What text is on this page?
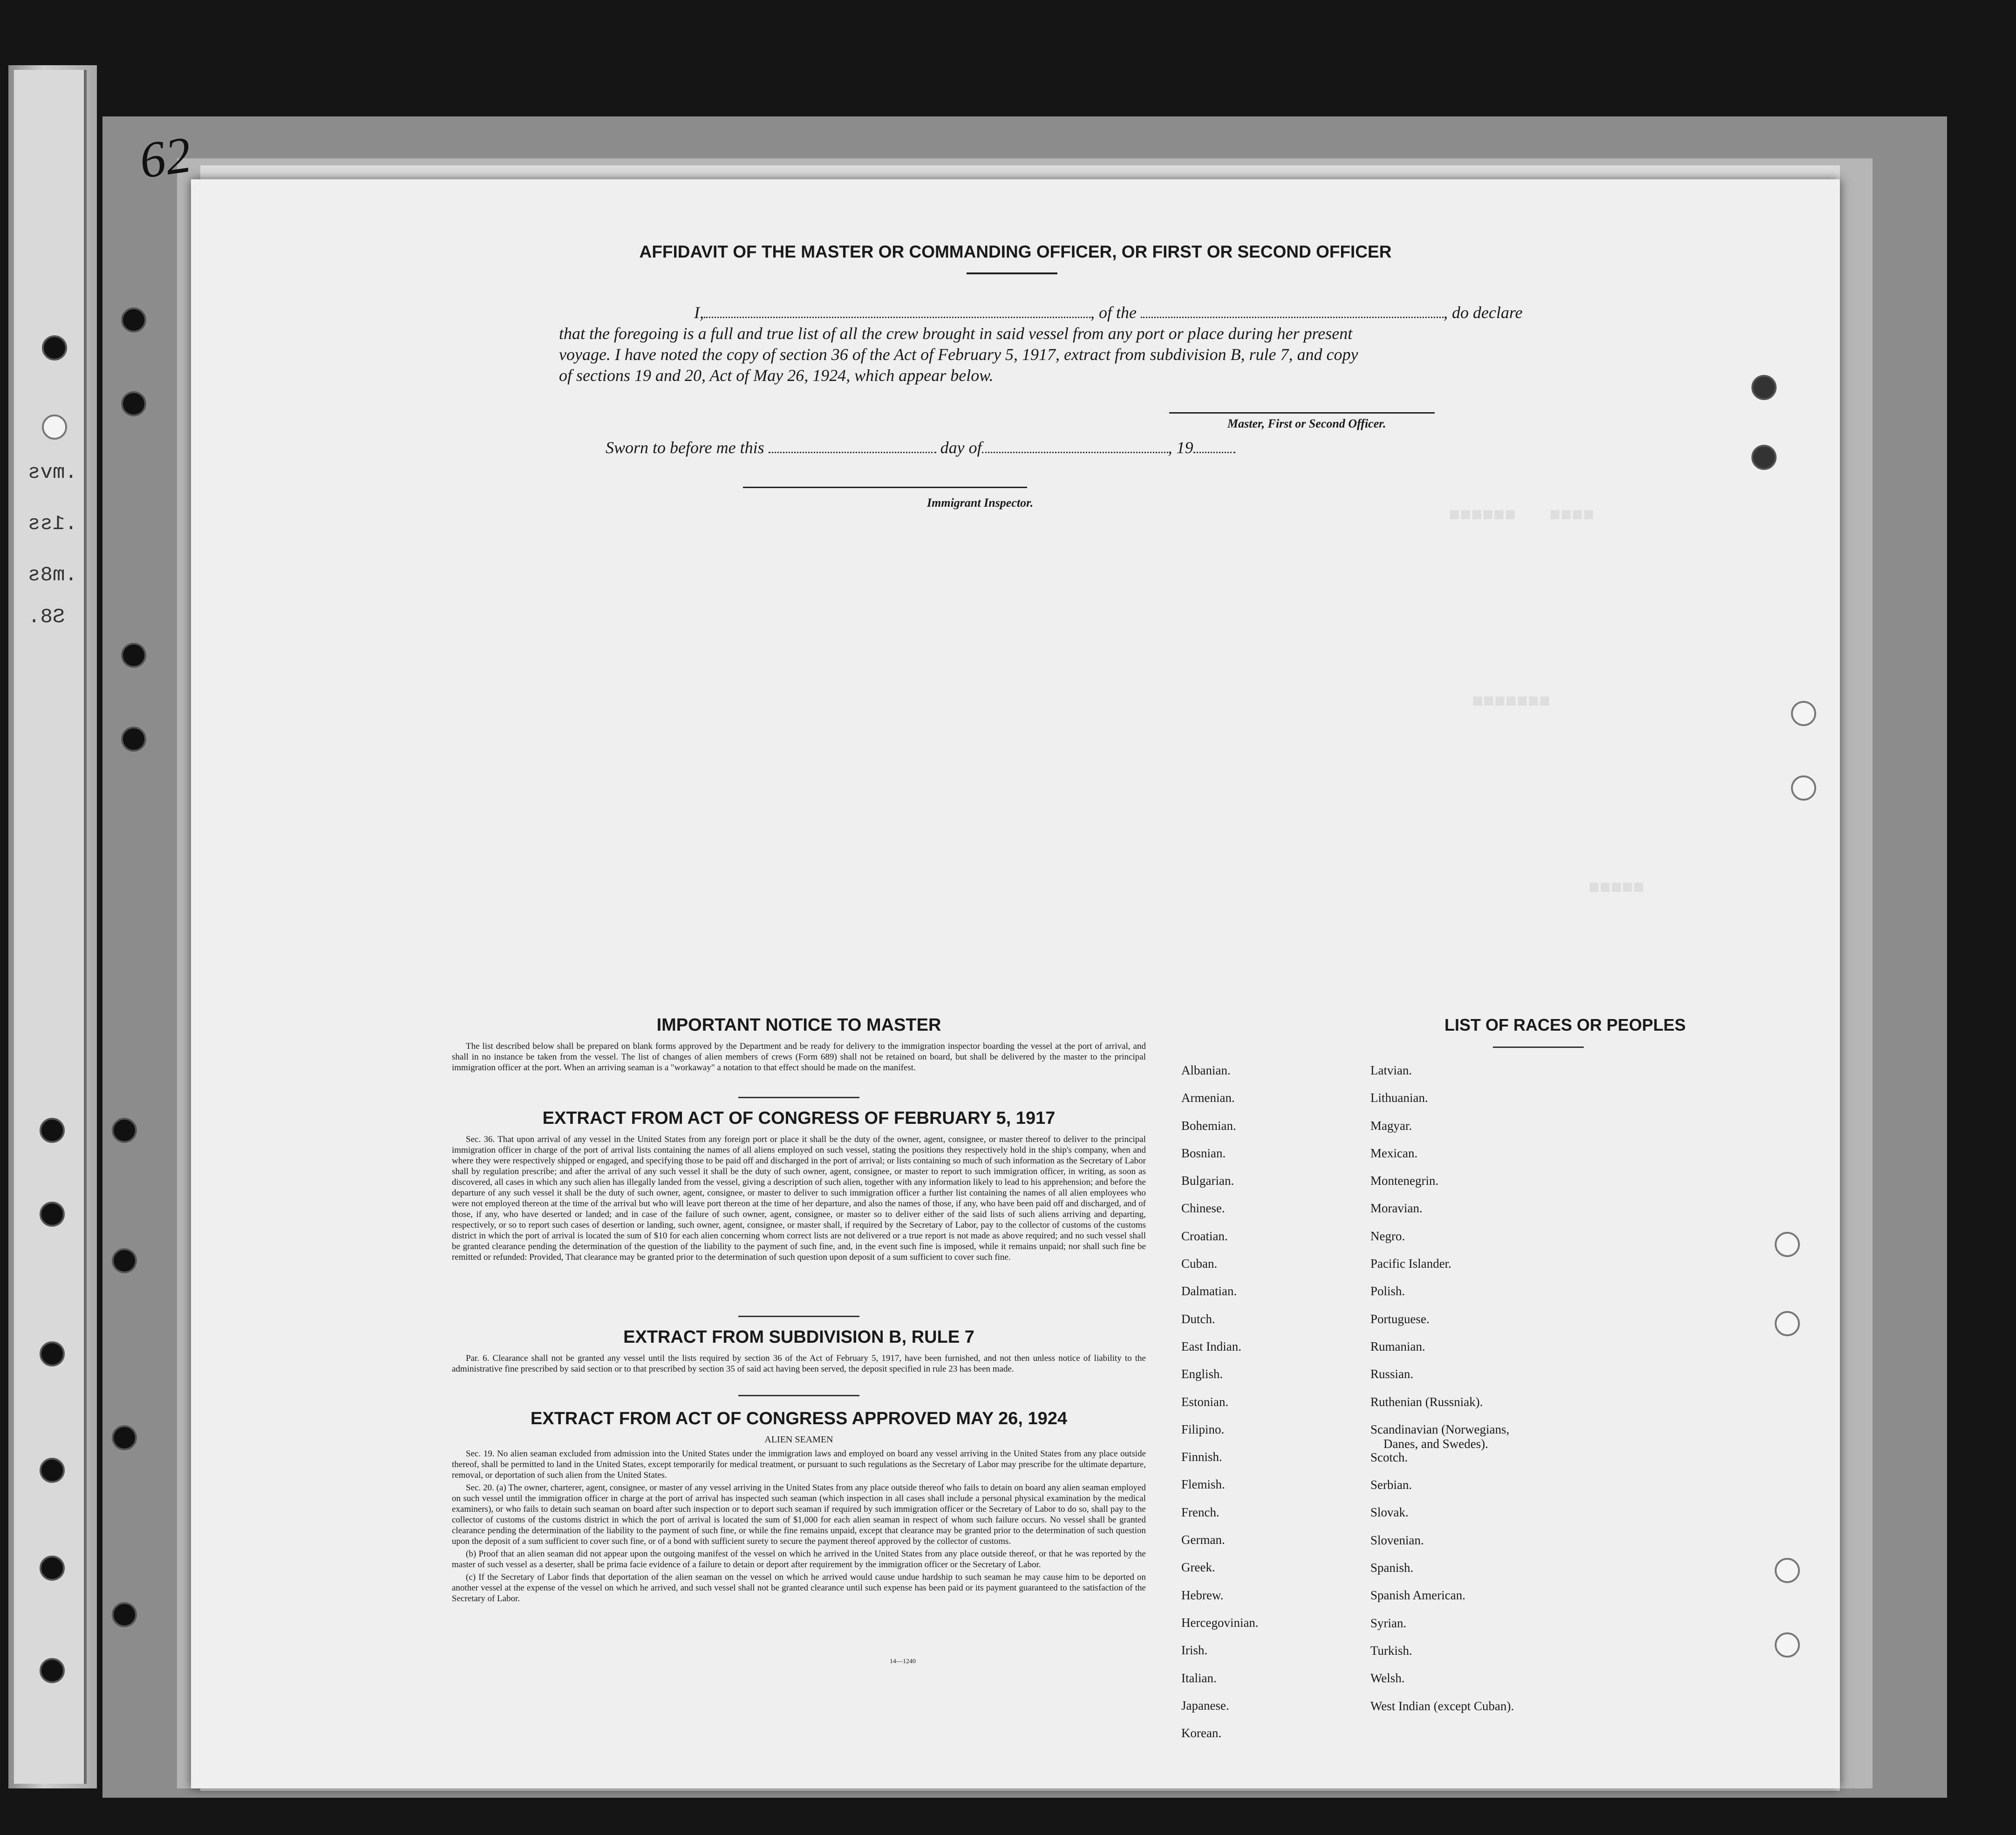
62
■■■■■■   ■■■■
■■■■■■■
■■■■■
AFFIDAVIT OF THE MASTER OR COMMANDING OFFICER, OR FIRST OR SECOND OFFICER
I,	, of the	, do declare
that the foregoing is a full and true list of all the crew brought in said vessel from any port or place during her present
voyage. I have noted the copy of section 36 of the Act of February 5, 1917, extract from subdivision B, rule 7, and copy
of sections 19 and 20, Act of May 26, 1924, which appear below.
Master, First or Second Officer.
Sworn to before me this	day of	, 19
Immigrant Inspector.
IMPORTANT NOTICE TO MASTER

The list described below shall be prepared on blank forms approved by the Department and be ready for delivery to the immigration inspector boarding the vessel at the port of arrival, and shall in no instance be taken from the vessel. The list of changes of alien members of crews (Form 689) shall not be retained on board, but shall be delivered by the master to the principal immigration officer at the port. When an arriving seaman is a "workaway" a notation to that effect should be made on the manifest.

EXTRACT FROM ACT OF CONGRESS OF FEBRUARY 5, 1917

Sec. 36. That upon arrival of any vessel in the United States from any foreign port or place it shall be the duty of the owner, agent, consignee, or master thereof to deliver to the principal immigration officer in charge of the port of arrival lists containing the names of all aliens employed on such vessel, stating the positions they respectively hold in the ship's company, when and where they were respectively shipped or engaged, and specifying those to be paid off and discharged in the port of arrival; or lists containing so much of such information as the Secretary of Labor shall by regulation prescribe; and after the arrival of any such vessel it shall be the duty of such owner, agent, consignee, or master to report to such immigration officer, in writing, as soon as discovered, all cases in which any such alien has illegally landed from the vessel, giving a description of such alien, together with any information likely to lead to his apprehension; and before the departure of any such vessel it shall be the duty of such owner, agent, consignee, or master to deliver to such immigration officer a further list containing the names of all alien employees who were not employed thereon at the time of the arrival but who will leave port thereon at the time of her departure, and also the names of those, if any, who have been paid off and discharged, and of those, if any, who have deserted or landed; and in case of the failure of such owner, agent, consignee, or master so to deliver either of the said lists of such aliens arriving and departing, respectively, or so to report such cases of desertion or landing, such owner, agent, consignee, or master shall, if required by the Secretary of Labor, pay to the collector of customs of the customs district in which the port of arrival is located the sum of $10 for each alien concerning whom correct lists are not delivered or a true report is not made as above required; and no such vessel shall be granted clearance pending the determination of the question of the liability to the payment of such fine, and, in the event such fine is imposed, while it remains unpaid; nor shall such fine be remitted or refunded: Provided, That clearance may be granted prior to the determination of such question upon deposit of a sum sufficient to cover such fine.

EXTRACT FROM SUBDIVISION B, RULE 7

Par. 6. Clearance shall not be granted any vessel until the lists required by section 36 of the Act of February 5, 1917, have been furnished, and not then unless notice of liability to the administrative fine prescribed by said section or to that prescribed by section 35 of said act having been served, the deposit specified in rule 23 has been made.

EXTRACT FROM ACT OF CONGRESS APPROVED MAY 26, 1924
ALIEN SEAMEN

Sec. 19. No alien seaman excluded from admission into the United States under the immigration laws and employed on board any vessel arriving in the United States from any place outside thereof, shall be permitted to land in the United States, except temporarily for medical treatment, or pursuant to such regulations as the Secretary of Labor may prescribe for the ultimate departure, removal, or deportation of such alien from the United States.

Sec. 20. (a) The owner, charterer, agent, consignee, or master of any vessel arriving in the United States from any place outside thereof who fails to detain on board any alien seaman employed on such vessel until the immigration officer in charge at the port of arrival has inspected such seaman (which inspection in all cases shall include a personal physical examination by the medical examiners), or who fails to detain such seaman on board after such inspection or to deport such seaman if required by such immigration officer or the Secretary of Labor to do so, shall pay to the collector of customs of the customs district in which the port of arrival is located the sum of $1,000 for each alien seaman in respect of whom such failure occurs. No vessel shall be granted clearance pending the determination of the liability to the payment of such fine, or while the fine remains unpaid, except that clearance may be granted prior to the determination of such question upon the deposit of a sum sufficient to cover such fine, or of a bond with sufficient surety to secure the payment thereof approved by the collector of customs.

(b) Proof that an alien seaman did not appear upon the outgoing manifest of the vessel on which he arrived in the United States from any place outside thereof, or that he was reported by the master of such vessel as a deserter, shall be prima facie evidence of a failure to detain or deport after requirement by the immigration officer or the Secretary of Labor.

(c) If the Secretary of Labor finds that deportation of the alien seaman on the vessel on which he arrived would cause undue hardship to such seaman he may cause him to be deported on another vessel at the expense of the vessel on which he arrived, and such vessel shall not be granted clearance until such expense has been paid or its payment guaranteed to the satisfaction of the Secretary of Labor.

14—1240
LIST OF RACES OR PEOPLES
Albanian.
Armenian.
Bohemian.
Bosnian.
Bulgarian.
Chinese.
Croatian.
Cuban.
Dalmatian.
Dutch.
East Indian.
English.
Estonian.
Filipino.
Finnish.
Flemish.
French.
German.
Greek.
Hebrew.
Hercegovinian.
Irish.
Italian.
Japanese.
Korean.
Latvian.
Lithuanian.
Magyar.
Mexican.
Montenegrin.
Moravian.
Negro.
Pacific Islander.
Polish.
Portuguese.
Rumanian.
Russian.
Ruthenian (Russniak).
Scandinavian (Norwegians,
Danes, and Swedes).
Scotch.
Serbian.
Slovak.
Slovenian.
Spanish.
Spanish American.
Syrian.
Turkish.
Welsh.
West Indian (except Cuban).
.mvs
.1ss
.m8s
S8.
